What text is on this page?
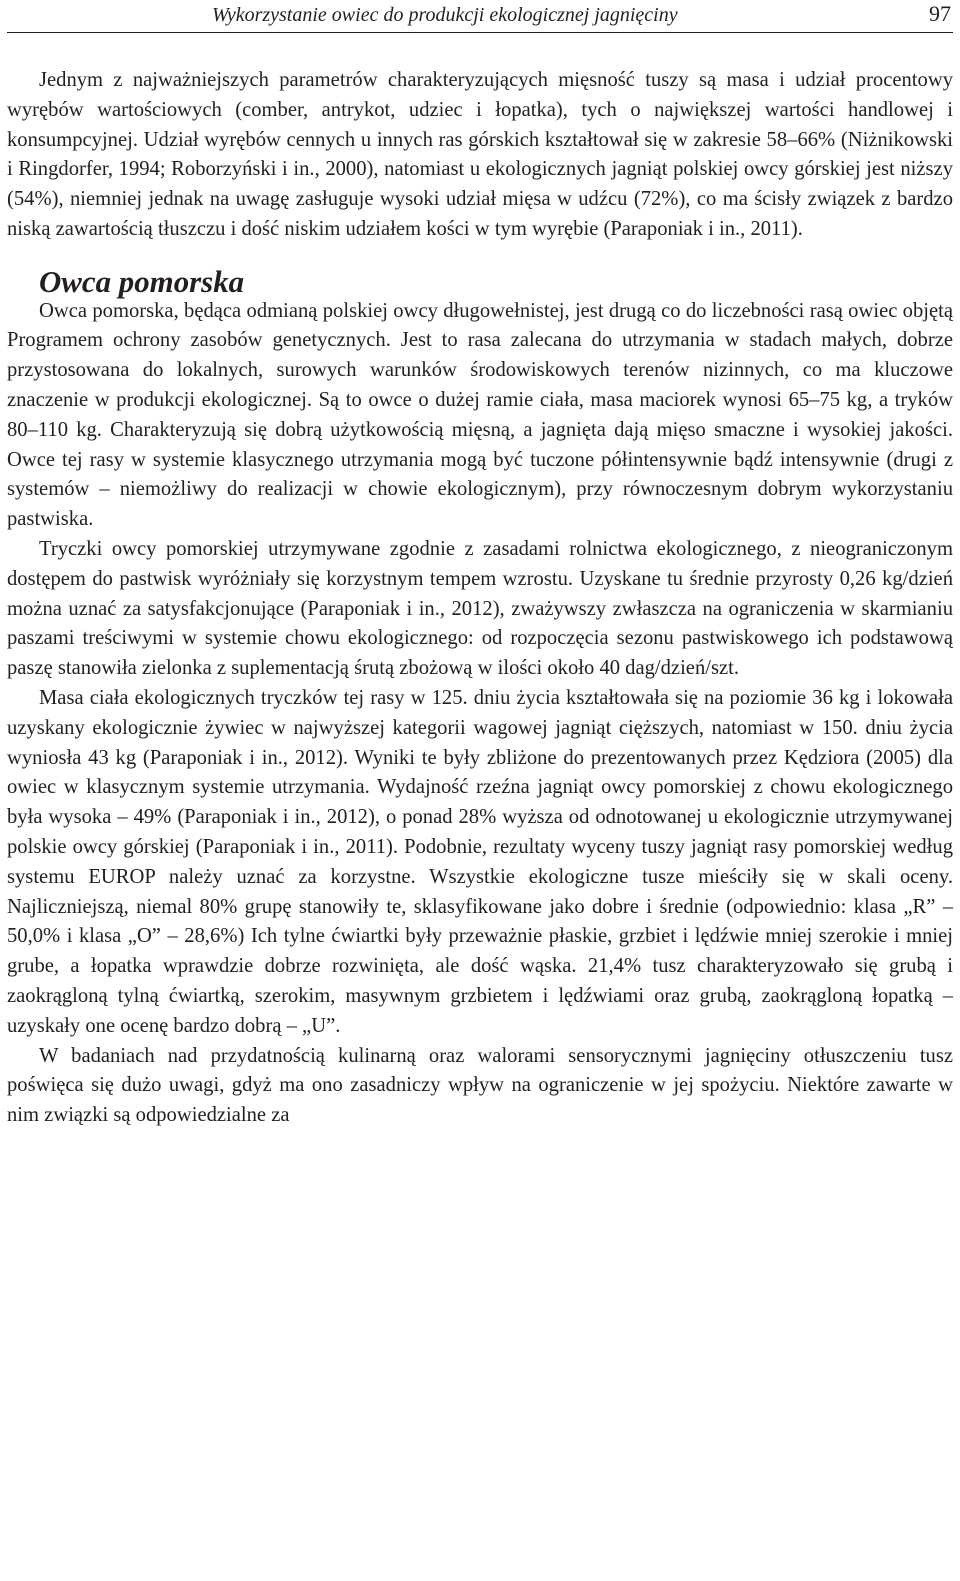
Wykorzystanie owiec do produkcji ekologicznej jagnięciny	97

Jednym z najważniejszych parametrów charakteryzujących mięsność tuszy są masa i udział procentowy wyrębów wartościowych (comber, antrykot, udziec i łopatka), tych o największej wartości handlowej i konsumpcyjnej. Udział wyrębów cennych u innych ras górskich kształtował się w zakresie 58–66% (Niżnikowski i Ringdorfer, 1994; Roborzyński i in., 2000), natomiast u ekologicznych jagniąt polskiej owcy górskiej jest niższy (54%), niemniej jednak na uwagę zasługuje wysoki udział mięsa w udźcu (72%), co ma ścisły związek z bardzo niską zawartością tłuszczu i dość niskim udziałem kości w tym wyrębie (Paraponiak i in., 2011).

Owca pomorska

Owca pomorska, będąca odmianą polskiej owcy długowełnistej, jest drugą co do liczebności rasą owiec objętą Programem ochrony zasobów genetycznych. Jest to rasa zalecana do utrzymania w stadach małych, dobrze przystosowana do lokalnych, surowych warunków środowiskowych terenów nizinnych, co ma kluczowe znaczenie w produkcji ekologicznej. Są to owce o dużej ramie ciała, masa maciorek wynosi 65–75 kg, a tryków 80–110 kg. Charakteryzują się dobrą użytkowością mięsną, a jagnięta dają mięso smaczne i wysokiej jakości. Owce tej rasy w systemie klasycznego utrzymania mogą być tuczone półintensywnie bądź intensywnie (drugi z systemów – niemożliwy do realizacji w chowie ekologicznym), przy równoczesnym dobrym wykorzystaniu pastwiska.

Tryczki owcy pomorskiej utrzymywane zgodnie z zasadami rolnictwa ekologicznego, z nieograniczonym dostępem do pastwisk wyróżniały się korzystnym tempem wzrostu. Uzyskane tu średnie przyrosty 0,26 kg/dzień można uznać za satysfakcjonujące (Paraponiak i in., 2012), zważywszy zwłaszcza na ograniczenia w skarmianiu paszami treściwymi w systemie chowu ekologicznego: od rozpoczęcia sezonu pastwiskowego ich podstawową paszę stanowiła zielonka z suplementacją śrutą zbożową w ilości około 40 dag/dzień/szt.

Masa ciała ekologicznych tryczków tej rasy w 125. dniu życia kształtowała się na poziomie 36 kg i lokowała uzyskany ekologicznie żywiec w najwyższej kategorii wagowej jagniąt cięższych, natomiast w 150. dniu życia wyniosła 43 kg (Paraponiak i in., 2012). Wyniki te były zbliżone do prezentowanych przez Kędziora (2005) dla owiec w klasycznym systemie utrzymania. Wydajność rzeźna jagniąt owcy pomorskiej z chowu ekologicznego była wysoka – 49% (Paraponiak i in., 2012), o ponad 28% wyższa od odnotowanej u ekologicznie utrzymywanej polskie owcy górskiej (Paraponiak i in., 2011). Podobnie, rezultaty wyceny tuszy jagniąt rasy pomorskiej według systemu EUROP należy uznać za korzystne. Wszystkie ekologiczne tusze mieściły się w skali oceny. Najliczniejszą, niemal 80% grupę stanowiły te, sklasyfikowane jako dobre i średnie (odpowiednio: klasa „R” –50,0% i klasa „O” – 28,6%) Ich tylne ćwiartki były przeważnie płaskie, grzbiet i lędźwie mniej szerokie i mniej grube, a łopatka wprawdzie dobrze rozwinięta, ale dość wąska. 21,4% tusz charakteryzowało się grubą i zaokrągloną tylną ćwiartką, szerokim, masywnym grzbietem i lędźwiami oraz grubą, zaokrągloną łopatką – uzyskały one ocenę bardzo dobrą – „U”.

W badaniach nad przydatnością kulinarną oraz walorami sensorycznymi jagnięciny otłuszczeniu tusz poświęca się dużo uwagi, gdyż ma ono zasadniczy wpływ na ograniczenie w jej spożyciu. Niektóre zawarte w nim związki są odpowiedzialne za
